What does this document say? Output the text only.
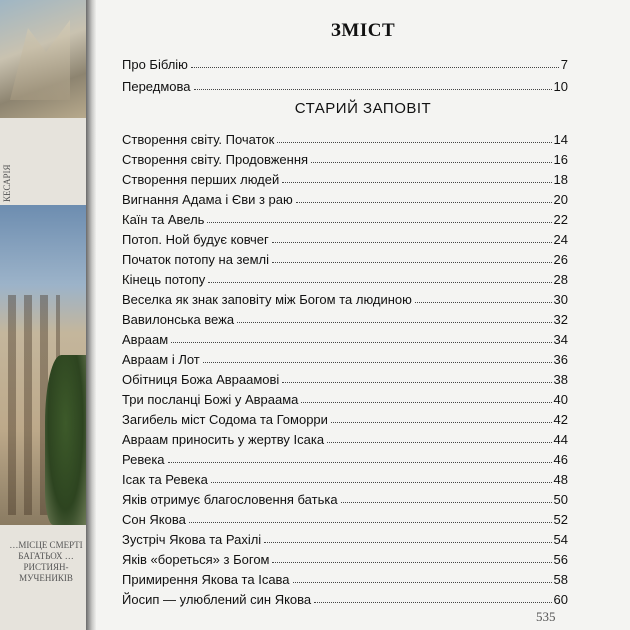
КЕСАРІЯ
…МІСЦЕ СМЕРТІ БАГАТЬОХ …РИСТИЯН-МУЧЕНИКІВ
ЗМІСТ
Про Біблію	7
Передмова	10
СТАРИЙ ЗАПОВІТ
Створення світу. Початок	14
Створення світу. Продовження	16
Створення перших людей	18
Вигнання Адама і Єви з раю	20
Каїн та Авель	22
Потоп. Ной будує ковчег	24
Початок потопу на землі	26
Кінець потопу	28
Веселка як знак заповіту між Богом та людиною	30
Вавилонська вежа	32
Авраам	34
Авраам і Лот	36
Обітниця Божа Авраамові	38
Три посланці Божі у Авраама	40
Загибель міст Содома та Гоморри	42
Авраам приносить у жертву Ісака	44
Ревека	46
Ісак та Ревека	48
Яків отримує благословення батька	50
Сон Якова	52
Зустріч Якова та Рахілі	54
Яків «бореться» з Богом	56
Примирення Якова та Ісава	58
Йосип — улюблений син Якова	60
535
